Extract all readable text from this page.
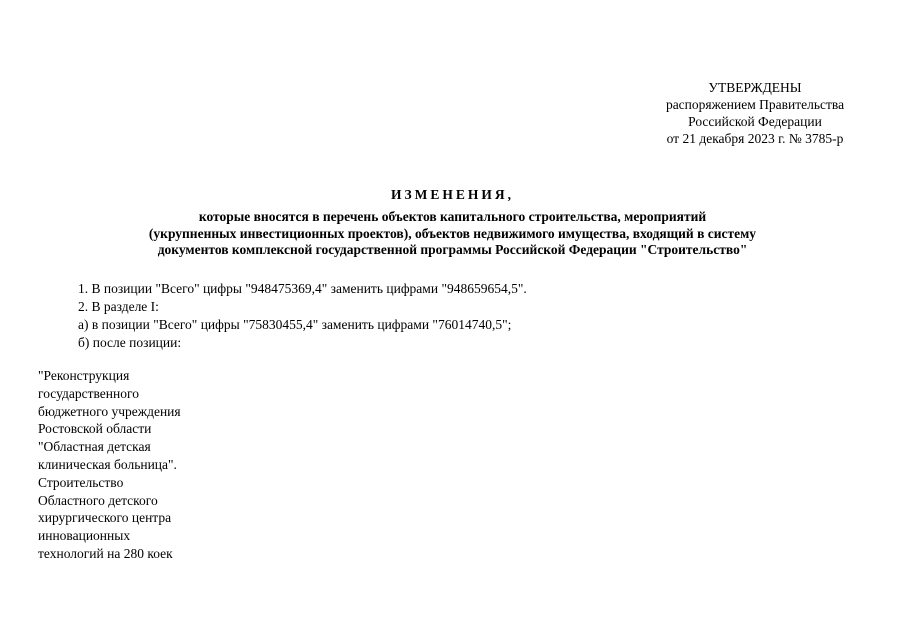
УТВЕРЖДЕНЫ
распоряжением Правительства
Российской Федерации
от 21 декабря 2023 г. № 3785-р
ИЗМЕНЕНИЯ,
которые вносятся в перечень объектов капитального строительства, мероприятий
(укрупненных инвестиционных проектов), объектов недвижимого имущества, входящий в систему
документов комплексной государственной программы Российской Федерации "Строительство"
1. В позиции "Всего" цифры "948475369,4" заменить цифрами "948659654,5".
2. В разделе I:
а) в позиции "Всего" цифры "75830455,4" заменить цифрами "76014740,5";
б) после позиции:
"Реконструкция
государственного
бюджетного учреждения
Ростовской области
"Областная детская
клиническая больница".
Строительство
Областного детского
хирургического центра
инновационных
технологий на 280 коек
